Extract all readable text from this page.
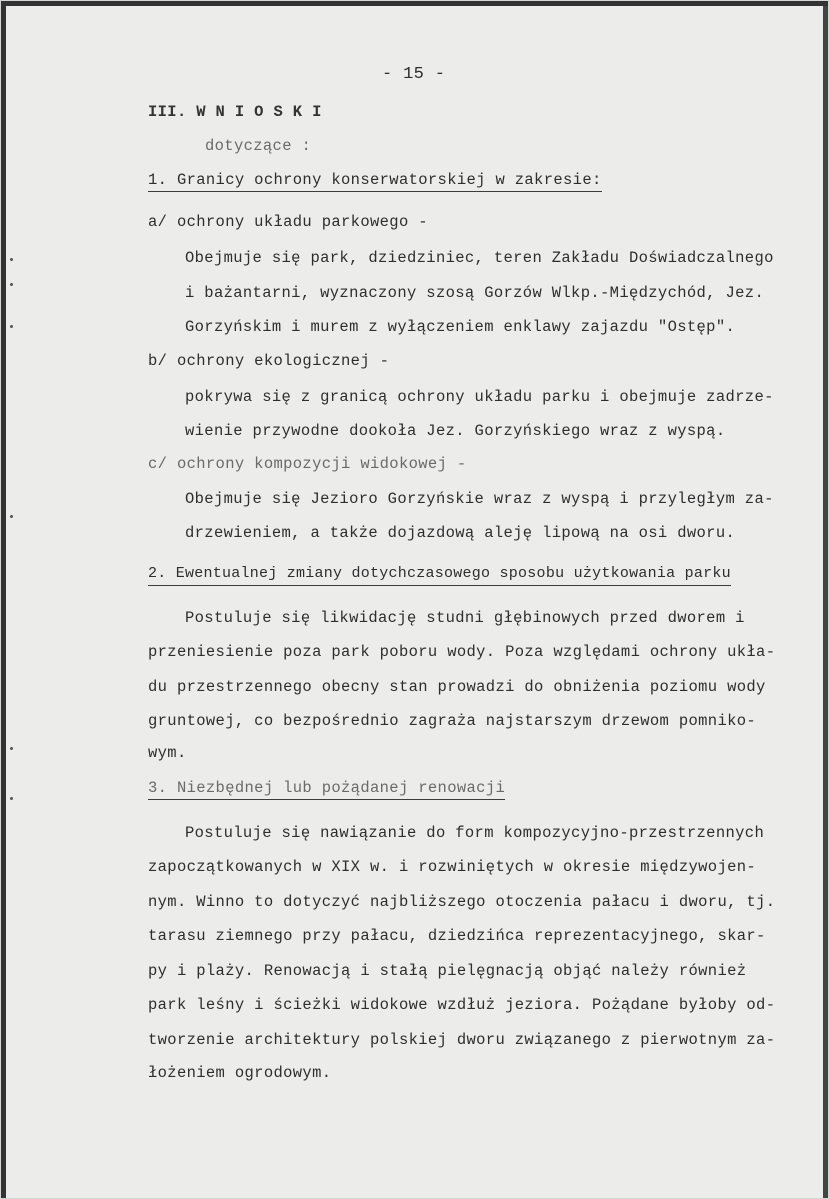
- 15 -
III. W N I O S K I
dotyczące :
1. Granicy ochrony konserwatorskiej w zakresie:
a/ ochrony układu parkowego -
Obejmuje się park, dziedziniec, teren Zakładu Doświadczalnego
i bażantarni, wyznaczony szosą Gorzów Wlkp.-Międzychód, Jez.
Gorzyńskim i murem z wyłączeniem enklawy zajazdu "Ostęp".
b/ ochrony ekologicznej -
pokrywa się z granicą ochrony układu parku i obejmuje zadrze-
wienie przywodne dookoła Jez. Gorzyńskiego wraz z wyspą.
c/ ochrony kompozycji widokowej -
Obejmuje się Jezioro Gorzyńskie wraz z wyspą i przyległym za-
drzewieniem, a także dojazdową aleję lipową na osi dworu.
2. Ewentualnej zmiany dotychczasowego sposobu użytkowania parku
Postuluje się likwidację studni głębinowych przed dworem i
przeniesienie poza park poboru wody. Poza względami ochrony ukła-
du przestrzennego obecny stan prowadzi do obniżenia poziomu wody
gruntowej, co bezpośrednio zagraża najstarszym drzewom pomniko-
wym.
3. Niezbędnej lub pożądanej renowacji
Postuluje się nawiązanie do form kompozycyjno-przestrzennych
zapoczątkowanych w XIX w. i rozwiniętych w okresie międzywojen-
nym. Winno to dotyczyć najbliższego otoczenia pałacu i dworu, tj.
tarasu ziemnego przy pałacu, dziedzińca reprezentacyjnego, skar-
py i plaży. Renowacją i stałą pielęgnacją objąć należy również
park leśny i ścieżki widokowe wzdłuż jeziora. Pożądane byłoby od-
tworzenie architektury polskiej dworu związanego z pierwotnym za-
łożeniem ogrodowym.
